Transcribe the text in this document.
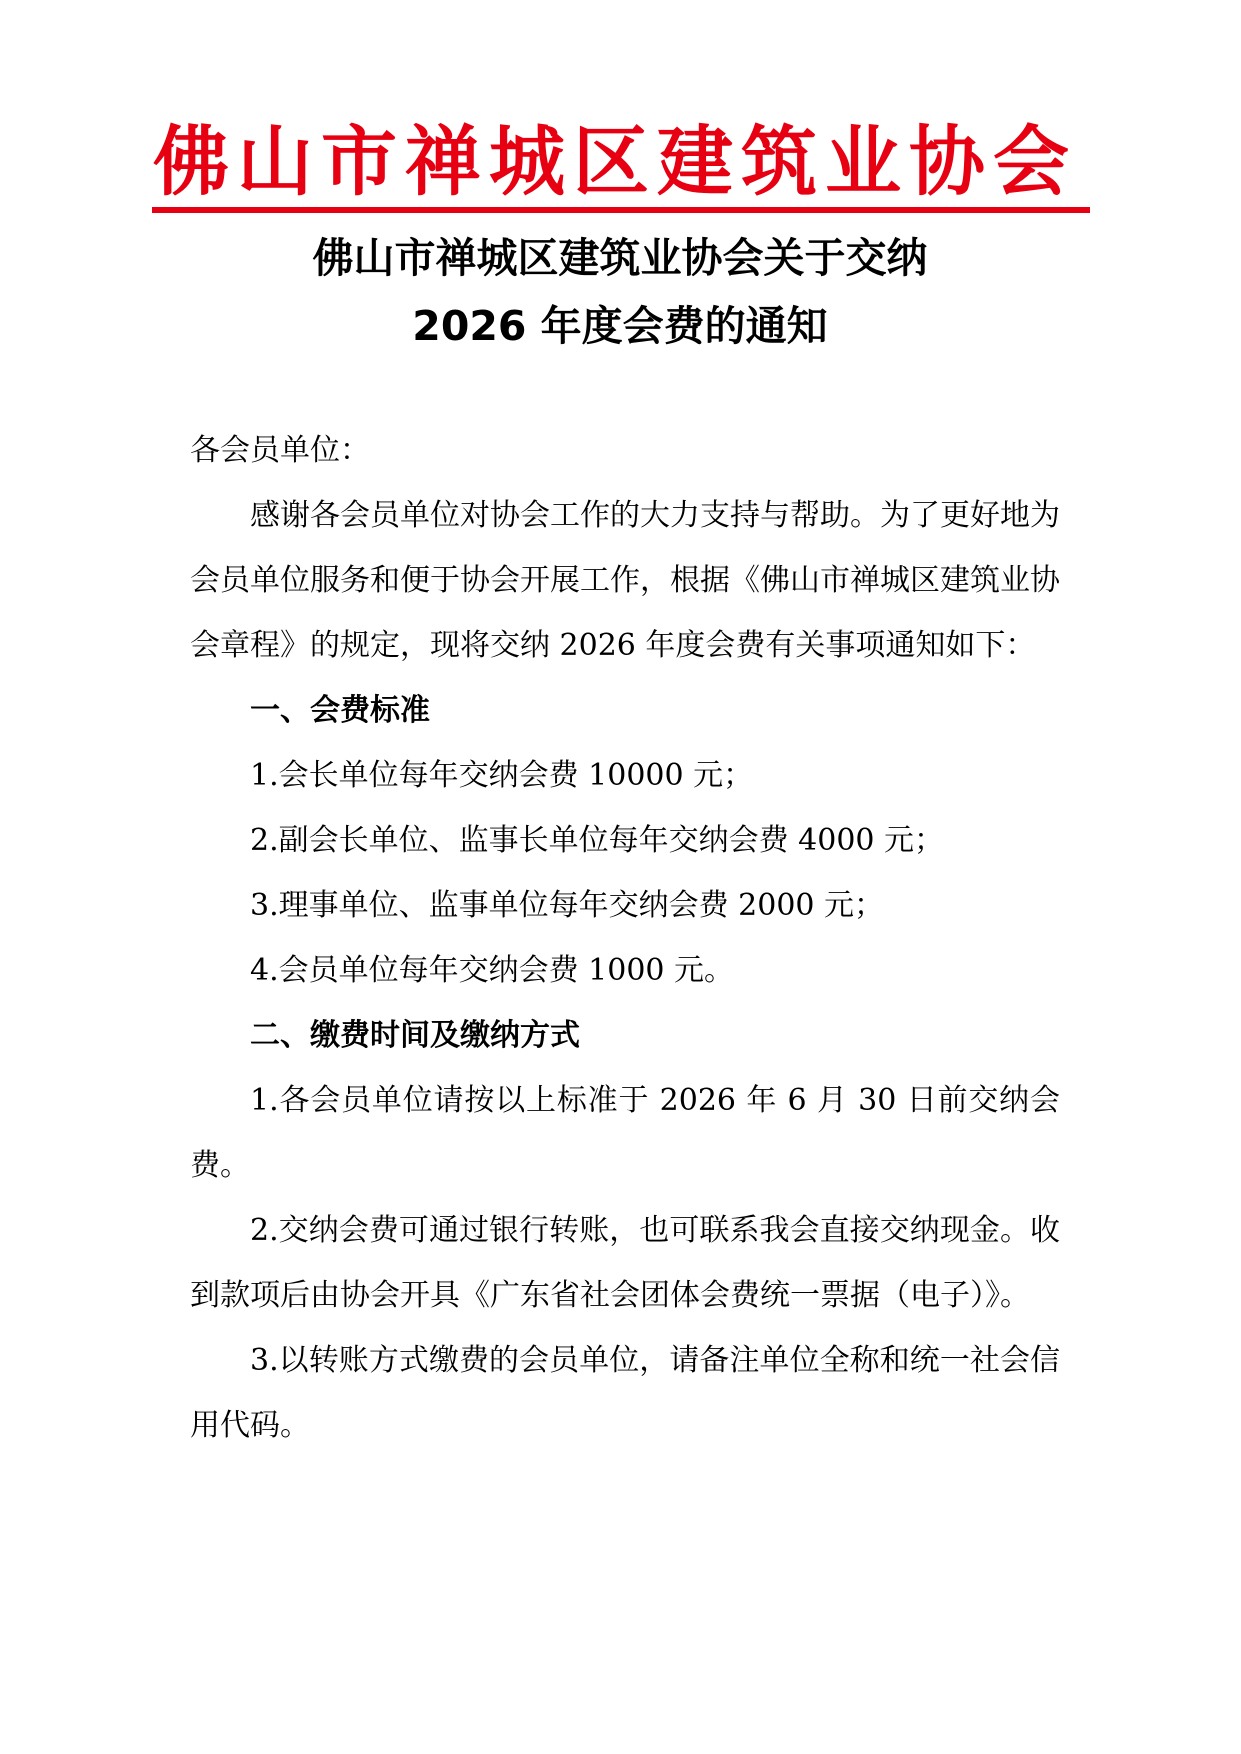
佛山市禅城区建筑业协会
佛山市禅城区建筑业协会关于交纳
2026 年度会费的通知

各会员单位：

感谢各会员单位对协会工作的大力支持与帮助。为了更好地为会员单位服务和便于协会开展工作，根据《佛山市禅城区建筑业协会章程》的规定，现将交纳 2026 年度会费有关事项通知如下：

一、会费标准

1.会长单位每年交纳会费 10000 元；

2.副会长单位、监事长单位每年交纳会费 4000 元；

3.理事单位、监事单位每年交纳会费 2000 元；

4.会员单位每年交纳会费 1000 元。

二、缴费时间及缴纳方式

1.各会员单位请按以上标准于 2026 年 6 月 30 日前交纳会费。

2.交纳会费可通过银行转账，也可联系我会直接交纳现金。收到款项后由协会开具《广东省社会团体会费统一票据（电子）》。

3.以转账方式缴费的会员单位，请备注单位全称和统一社会信用代码。
